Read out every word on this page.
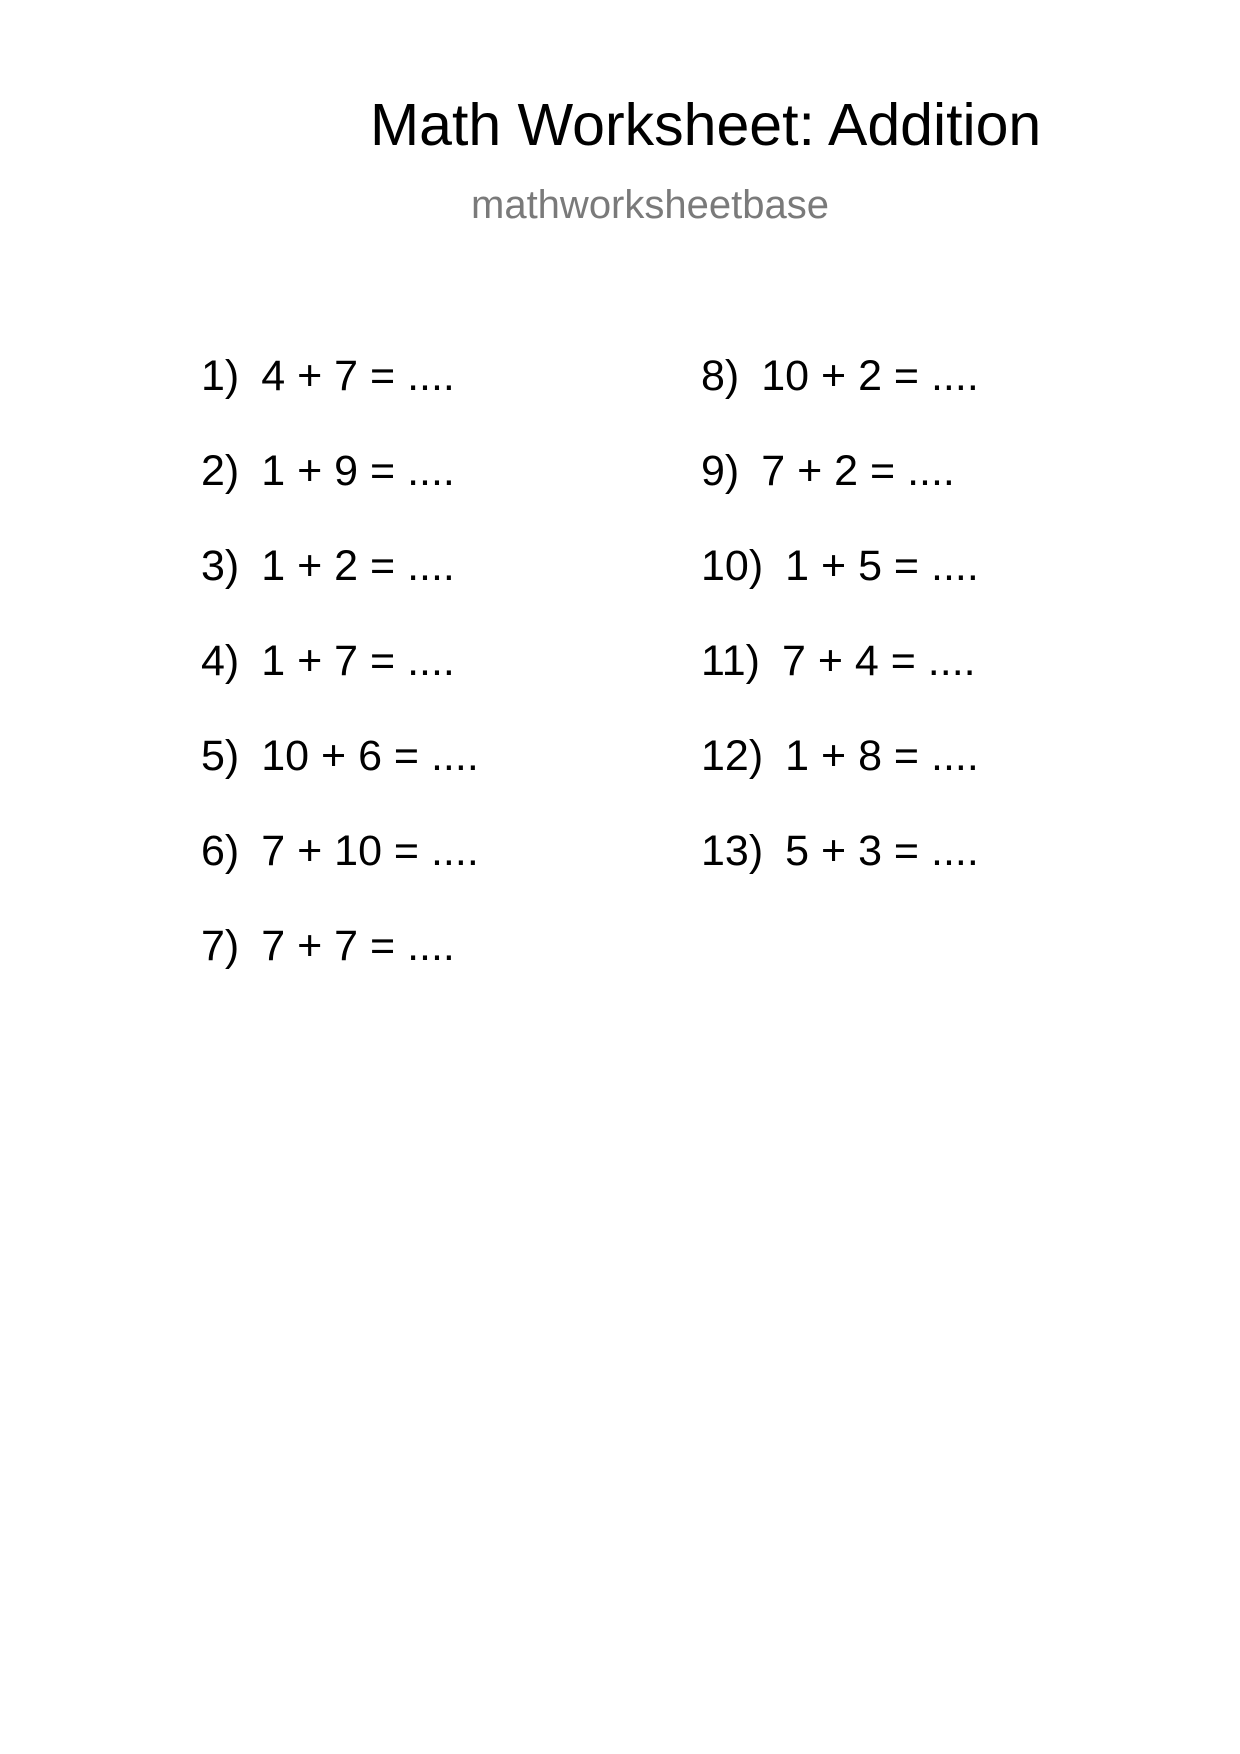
Math Worksheet: Addition
mathworksheetbase
1) 4 + 7 = ....
2) 1 + 9 = ....
3) 1 + 2 = ....
4) 1 + 7 = ....
5) 10 + 6 = ....
6) 7 + 10 = ....
7) 7 + 7 = ....
8) 10 + 2 = ....
9) 7 + 2 = ....
10) 1 + 5 = ....
11) 7 + 4 = ....
12) 1 + 8 = ....
13) 5 + 3 = ....
